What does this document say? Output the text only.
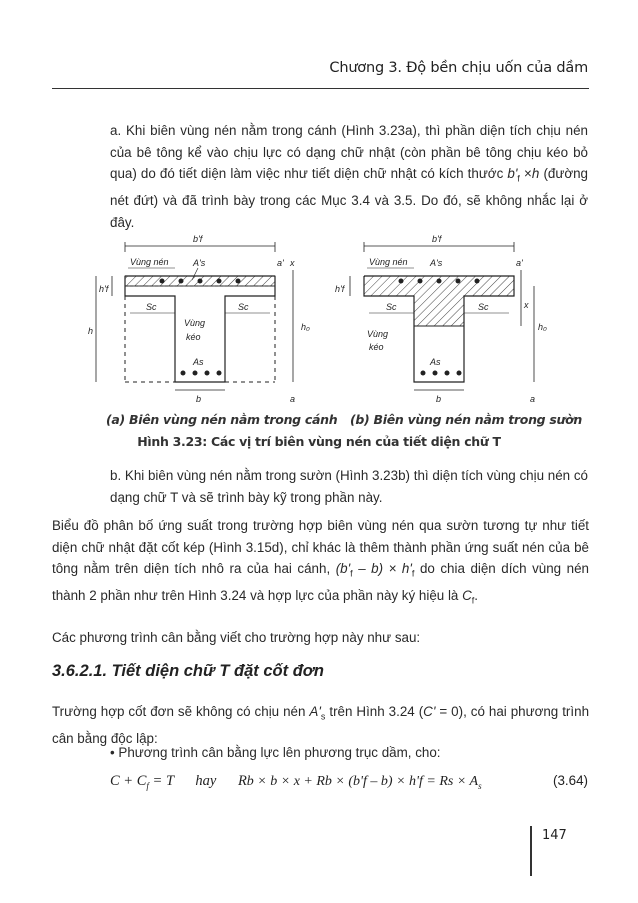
Chương 3. Độ bền chịu uốn của dầm

a. Khi biên vùng nén nằm trong cánh (Hình 3.23a), thì phần diện tích chịu nén của bê tông kể vào chịu lực có dạng chữ nhật (còn phần bê tông chịu kéo bỏ qua) do đó tiết diện làm việc như tiết diện chữ nhật có kích thước $b'_f \times h$ (đường nét đứt) và đã trình bày trong các Mục 3.4 và 3.5. Do đó, sẽ không nhắc lại ở đây.

b'f
Vùng nén	A's	a' x
h'f
Sc	Sc
Vùng
kéo
h	h₀
As
b	a
b'f
Vùng nén A's	a'
x
h'f
Sc	Sc
Vùng
kéo
h₀
As
b	a
(a) Biên vùng nén nằm trong cánh (b) Biên vùng nén nằm trong sườn
Hình 3.23: Các vị trí biên vùng nén của tiết diện chữ T

b. Khi biên vùng nén nằm trong sườn (Hình 3.23b) thì diện tích vùng chịu nén có dạng chữ T và sẽ trình bày kỹ trong phần này.

Biểu đồ phân bố ứng suất trong trường hợp biên vùng nén qua sườn tương tự như tiết diện chữ nhật đặt cốt kép (Hình 3.15d), chỉ khác là thêm thành phần ứng suất nén của bê tông nằm trên diện tích nhô ra của hai cánh, $(b'_f - b) \times h'_f$ do chia diện dích vùng nén thành 2 phần như trên Hình 3.24 và hợp lực của phần này ký hiệu là $C_f$.

Các phương trình cân bằng viết cho trường hợp này như sau:

3.6.2.1. Tiết diện chữ T đặt cốt đơn

Trường hợp cốt đơn sẽ không có chịu nén $A'_s$ trên Hình 3.24 (C' = 0), có hai phương trình cân bằng độc lập:

• Phương trình cân bằng lực lên phương trục dầm, cho:

$C + C_f = T$ hay $Rb \times b \times x + Rb \times (b'f - b) \times h'f = Rs \times A_s$	(3.64)
147
